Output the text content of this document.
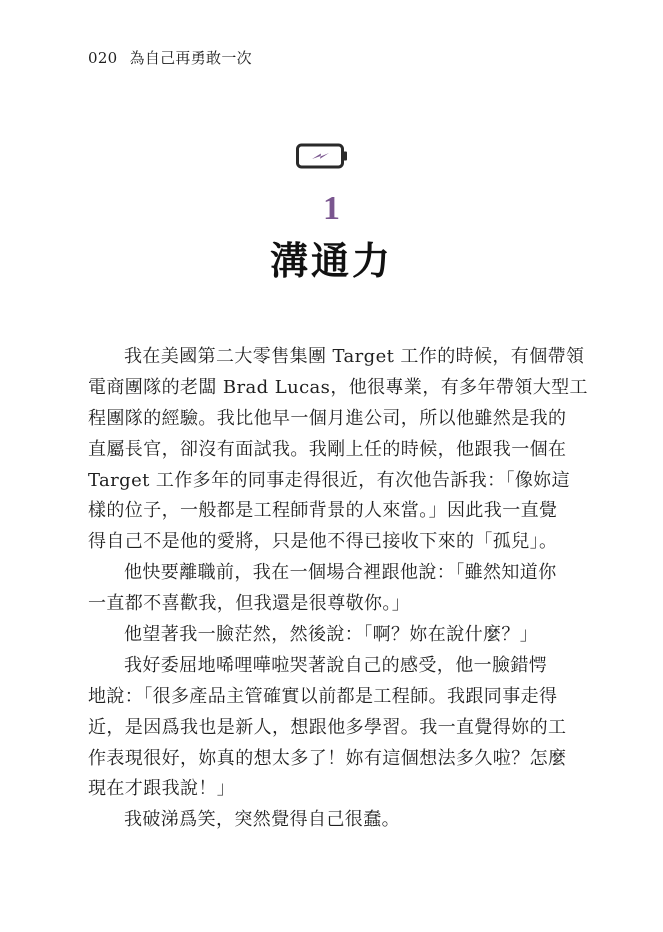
020 為自己再勇敢一次
1
溝通力
我在美國第二大零售集團 Target 工作的時候，有個帶領
電商團隊的老闆 Brad Lucas，他很專業，有多年帶領大型工
程團隊的經驗。我比他早一個月進公司，所以他雖然是我的
直屬長官，卻沒有面試我。我剛上任的時候，他跟我一個在
Target 工作多年的同事走得很近，有次他告訴我：「像妳這
樣的位子，一般都是工程師背景的人來當。」因此我一直覺
得自己不是他的愛將，只是他不得已接收下來的「孤兒」。
他快要離職前，我在一個場合裡跟他說：「雖然知道你
一直都不喜歡我，但我還是很尊敬你。」
他望著我一臉茫然，然後說：「啊？妳在說什麼？」
我好委屈地唏哩嘩啦哭著說自己的感受，他一臉錯愕
地說：「很多產品主管確實以前都是工程師。我跟同事走得
近，是因爲我也是新人，想跟他多學習。我一直覺得妳的工
作表現很好，妳真的想太多了！妳有這個想法多久啦？怎麼
現在才跟我說！」
我破涕爲笑，突然覺得自己很蠢。
